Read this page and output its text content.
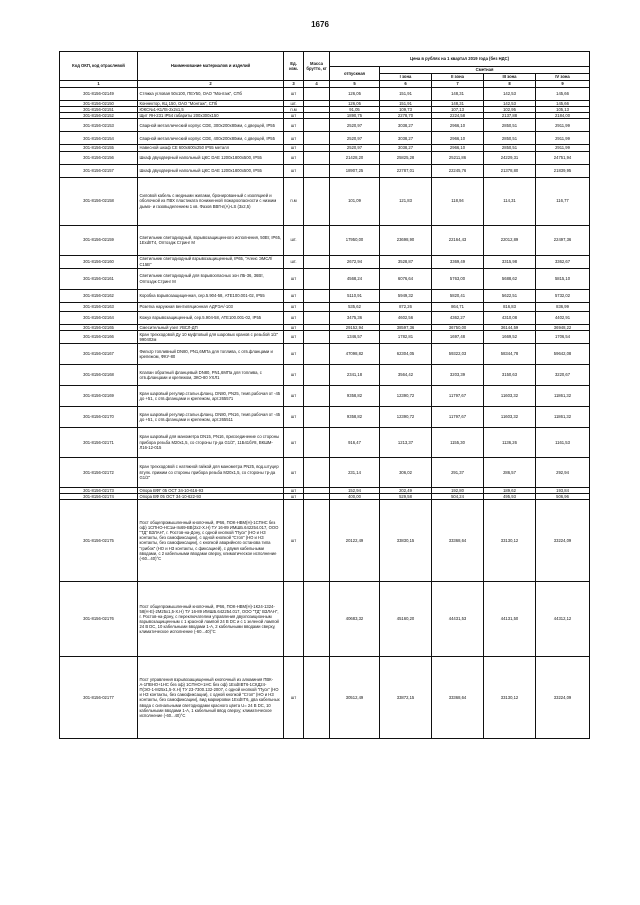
1676
Код ОКП, код отраслевой	Наименование материалов и изделий	Ед. изм.	Масса брутто, кг	Цена в рублях на 1 квартал 2019 года (без НДС)				
				отпускная	Сметная			
					I зона	II зона	III зона	IV зона
1	2	3	4	5	6	7	8	9
301-8156-02149	Стяжка угловая 50х100, ПЕУ50, ОАО "Монтаж", СПб	шт		126,05	151,91	148,31	142,53	145,66
301-8156-02150	Коннектор, КЦ 150, ОАО "Монтаж", СПб	шт.		126,05	151,91	148,31	142,53	145,66
301-8156-02151	ЮКС№1-К1ЛS-2х2х1,5	п.м		91,05	109,73	107,13	102,95	105,13
301-8156-02152	Щит ЯН-231 IP54 габариты 200х300х150	шт		1890,75	2278,70	2224,58	2137,88	2184,00
301-8156-02153	Сварной металлический корпус CDE, 300х200х80мм, с дверцей, IP55	шт		2520,97	3038,27	2966,10	2850,51	2911,99
301-8156-02154	Сварной металлический корпус CDE, 400х200х80мм, с дверцей, IP55	шт		2520,97	3038,27	2966,10	2850,51	2911,99
301-8156-02155	Навесной шкаф CE 600х600х250 IP55 металл	шт		2520,97	3038,27	2966,10	2850,51	2911,99
301-8156-02156	Шкаф двухдверный напольный ЦКС DAE 1200х1800х500, IP55	шт		21428,20	25825,28	25211,86	24229,31	24751,94
301-8156-02157	Шкаф двухдверный напольный ЦКС DAE 1200х1800х500, IP55	шт		18907,25	22787,01	22245,76	21378,80	21839,95
301-8156-02158	Силовой кабель с медными жилами, бронированный с изоляцией и оболочкой из ПВХ пластиката пониженной пожароопасности с низким дымо- и газовыделением 1 кв. Фазов ВВГнг(А)-LS (3х2,5)	п.м		101,09	121,83	118,94	114,31	116,77
301-8156-02159	Светильник светодиодный, взрывозащищенного исполнения, 50Вт, IP65, 1ExdIIT4, Оптоэдж Стринг М	шт.		17950,00	23698,90	22164,43	22012,89	22497,36
301-8156-02160	Светильник светодиодный взрывозащищенный, IP65, "Агеис ЭМСЛ/С15В"	шт.		2672,94	3528,87	3369,49	3315,98	3362,67
301-8156-02161	Светильник светодиодный для взрывоопасных зон ЛБ-36, 36Вт, Оптоэдж Стринг М	шт		4568,24	6076,64	5763,00	5688,62	5815,10
301-8156-02162	Коробка взрывозащищенная, сер.5.904-58, АТЕ100.001-02, IP55	шт		5110,91	5949,32	5820,41	5622,51	5732,02
301-8156-02163	Розетка наружная вентиляционная АДРЭА/-103	шт		535,62	872,26	864,71	816,83	836,99
301-8156-02164	Кожух взрывозащищенный, сер.5.904-58, АТЕ100.001-02, IP55	шт		3475,36	4602,56	4362,27	4310,08	4402,91
301-8156-02165	Смесительный узел УВСЛ-ДП	шт		29152,94	38597,36	36750,00	36144,59	36948,22
301-8156-02166	Кран трехходовой Ду 10 муфтовый для шаровых кранов с резьбой 1/2" 990402м	шт		1346,57	1782,81	1697,48	1669,52	1706,54
301-8156-02167	Фильтр топливный DN80, PN1,6МПа для топлива, с отв.фланцами и крепежом, ФКУ-80	шт		47098,82	62304,05	59322,03	58344,78	59642,08
301-8156-02168	Клапан обратный фланцевый DN80, PN1,6МПа для топлива, с отв.фланцами и крепежом, ЗКО-80 УХЛ1	шт		2341,18	3564,42	3203,39	3150,63	3220,67
301-8156-02169	Кран шаровый регулир.стальн.фланц. DN80, PN25, темп.рабочая от -45 до +51, с отв.фланцами и крепежом, арт.265571	шт		9358,82	12390,72	11797,67	11603,32	11861,32
301-8156-02170	Кран шаровый регулир.стальн.фланц. DN80, PN16, темп.рабочая от -45 до +51, с отв.фланцами и крепежом, арт.265511	шт		9358,82	12390,72	11797,67	11603,32	11861,32
301-8156-02171	Кран шаровый для манометра DN15, PN16, присоединение со стороны прибора резьба M20х1,5, со стороны тр-да G1/2", 11Б41бУ8, ВКШМ-Л16-12-015	шт		916,47	1213,37	1155,30	1136,26	1161,53
301-8156-02172	Кран трехходовой с натяжной гайкой для манометра PN25, вод.штуцер втулк. прижим со стороны прибора резьба M20х1,5, со стороны тр-да G1/2"	шт		231,14	306,02	291,37	286,57	292,94
301-8156-02173	Опора ВФГ 05 ОСТ 34-10-616-93	шт		152,94	202,49	192,80	189,62	193,84
301-8156-02174	Опора ВФ 05 ОСТ 34-10-622-93	шт		400,00	529,58	504,24	495,93	506,96
301-8156-02175	Пост общепромышленный кнопочный, IP66, ПОК-НВМ(Н)-1СПНС без оф) 1СПНО-НС1м-IIх69-ВВ(2х2-Х.Н) ТУ 16-89 ИМШБ.642254.017, ООО "ТД" ВЗЛАН", г. Ростов-на-Дону, с одной кнопкой "Пуск" (НО и НЗ контакты, без самофиксации), с одной кнопкой "Стоп" (НО и НЗ контакты, без самофиксации), с кнопкой аварийного останова типа "грибок" (НО и НЗ контакты, с фиксацией), с двумя кабельными вводами, с 2 кабельными вводами сверху, климатическое исполнение (-60...40)°С	шт		20122,49	33830,15	33368,64	33130,12	33224,09
301-8156-02176	Пост общепромышленный кнопочный, IP66, ПОК-НВМ(Н)-1К24-1324-58(Н-Е)-2М25х1,5-Х.Н) ТУ 16-89 ИМШБ.642254.017, ООО "ТД" ВЗЛАН", г. Ростов-на-Дону, с переключателем управления двухпозиционным взрывозащищенным с 1 красной лампой 24 В DC и с 1 зеленой лампой 24 В DC, 10 кабельными вводами 1-А, 2 кабельными вводами сверху, климатическое исполнение (-60...40)°С			40683,32	45160,20	44431,53	44131,50	44312,12
301-8156-02177	Пост управления взрывозащищенный кнопочный из алюминия ПВК-А-1ПВНО+1НС без оф) 1СПНО+1НС без оф) 1ЕxdIIBТ6-1СКД24-П(ЭО-1-М25х1,5-Х.Н) ТУ 23-7300.132-2007, с одной кнопкой "Пуск" (НО и НЗ контакты, без самофиксации), с одной кнопкой "Стоп" (НО и НЗ контакты, без самофиксации), вид маркировки 1ExdIIT6, два кабельных ввода с сигнальными светодиодами красного цвета U= 24 В DC, 10 кабельными вводами 1-А, 1 кабельный ввод сверху; климатическое исполнение (-60...40)°С	шт		30512,49	33872,15	33368,64	33130,12	33224,09
